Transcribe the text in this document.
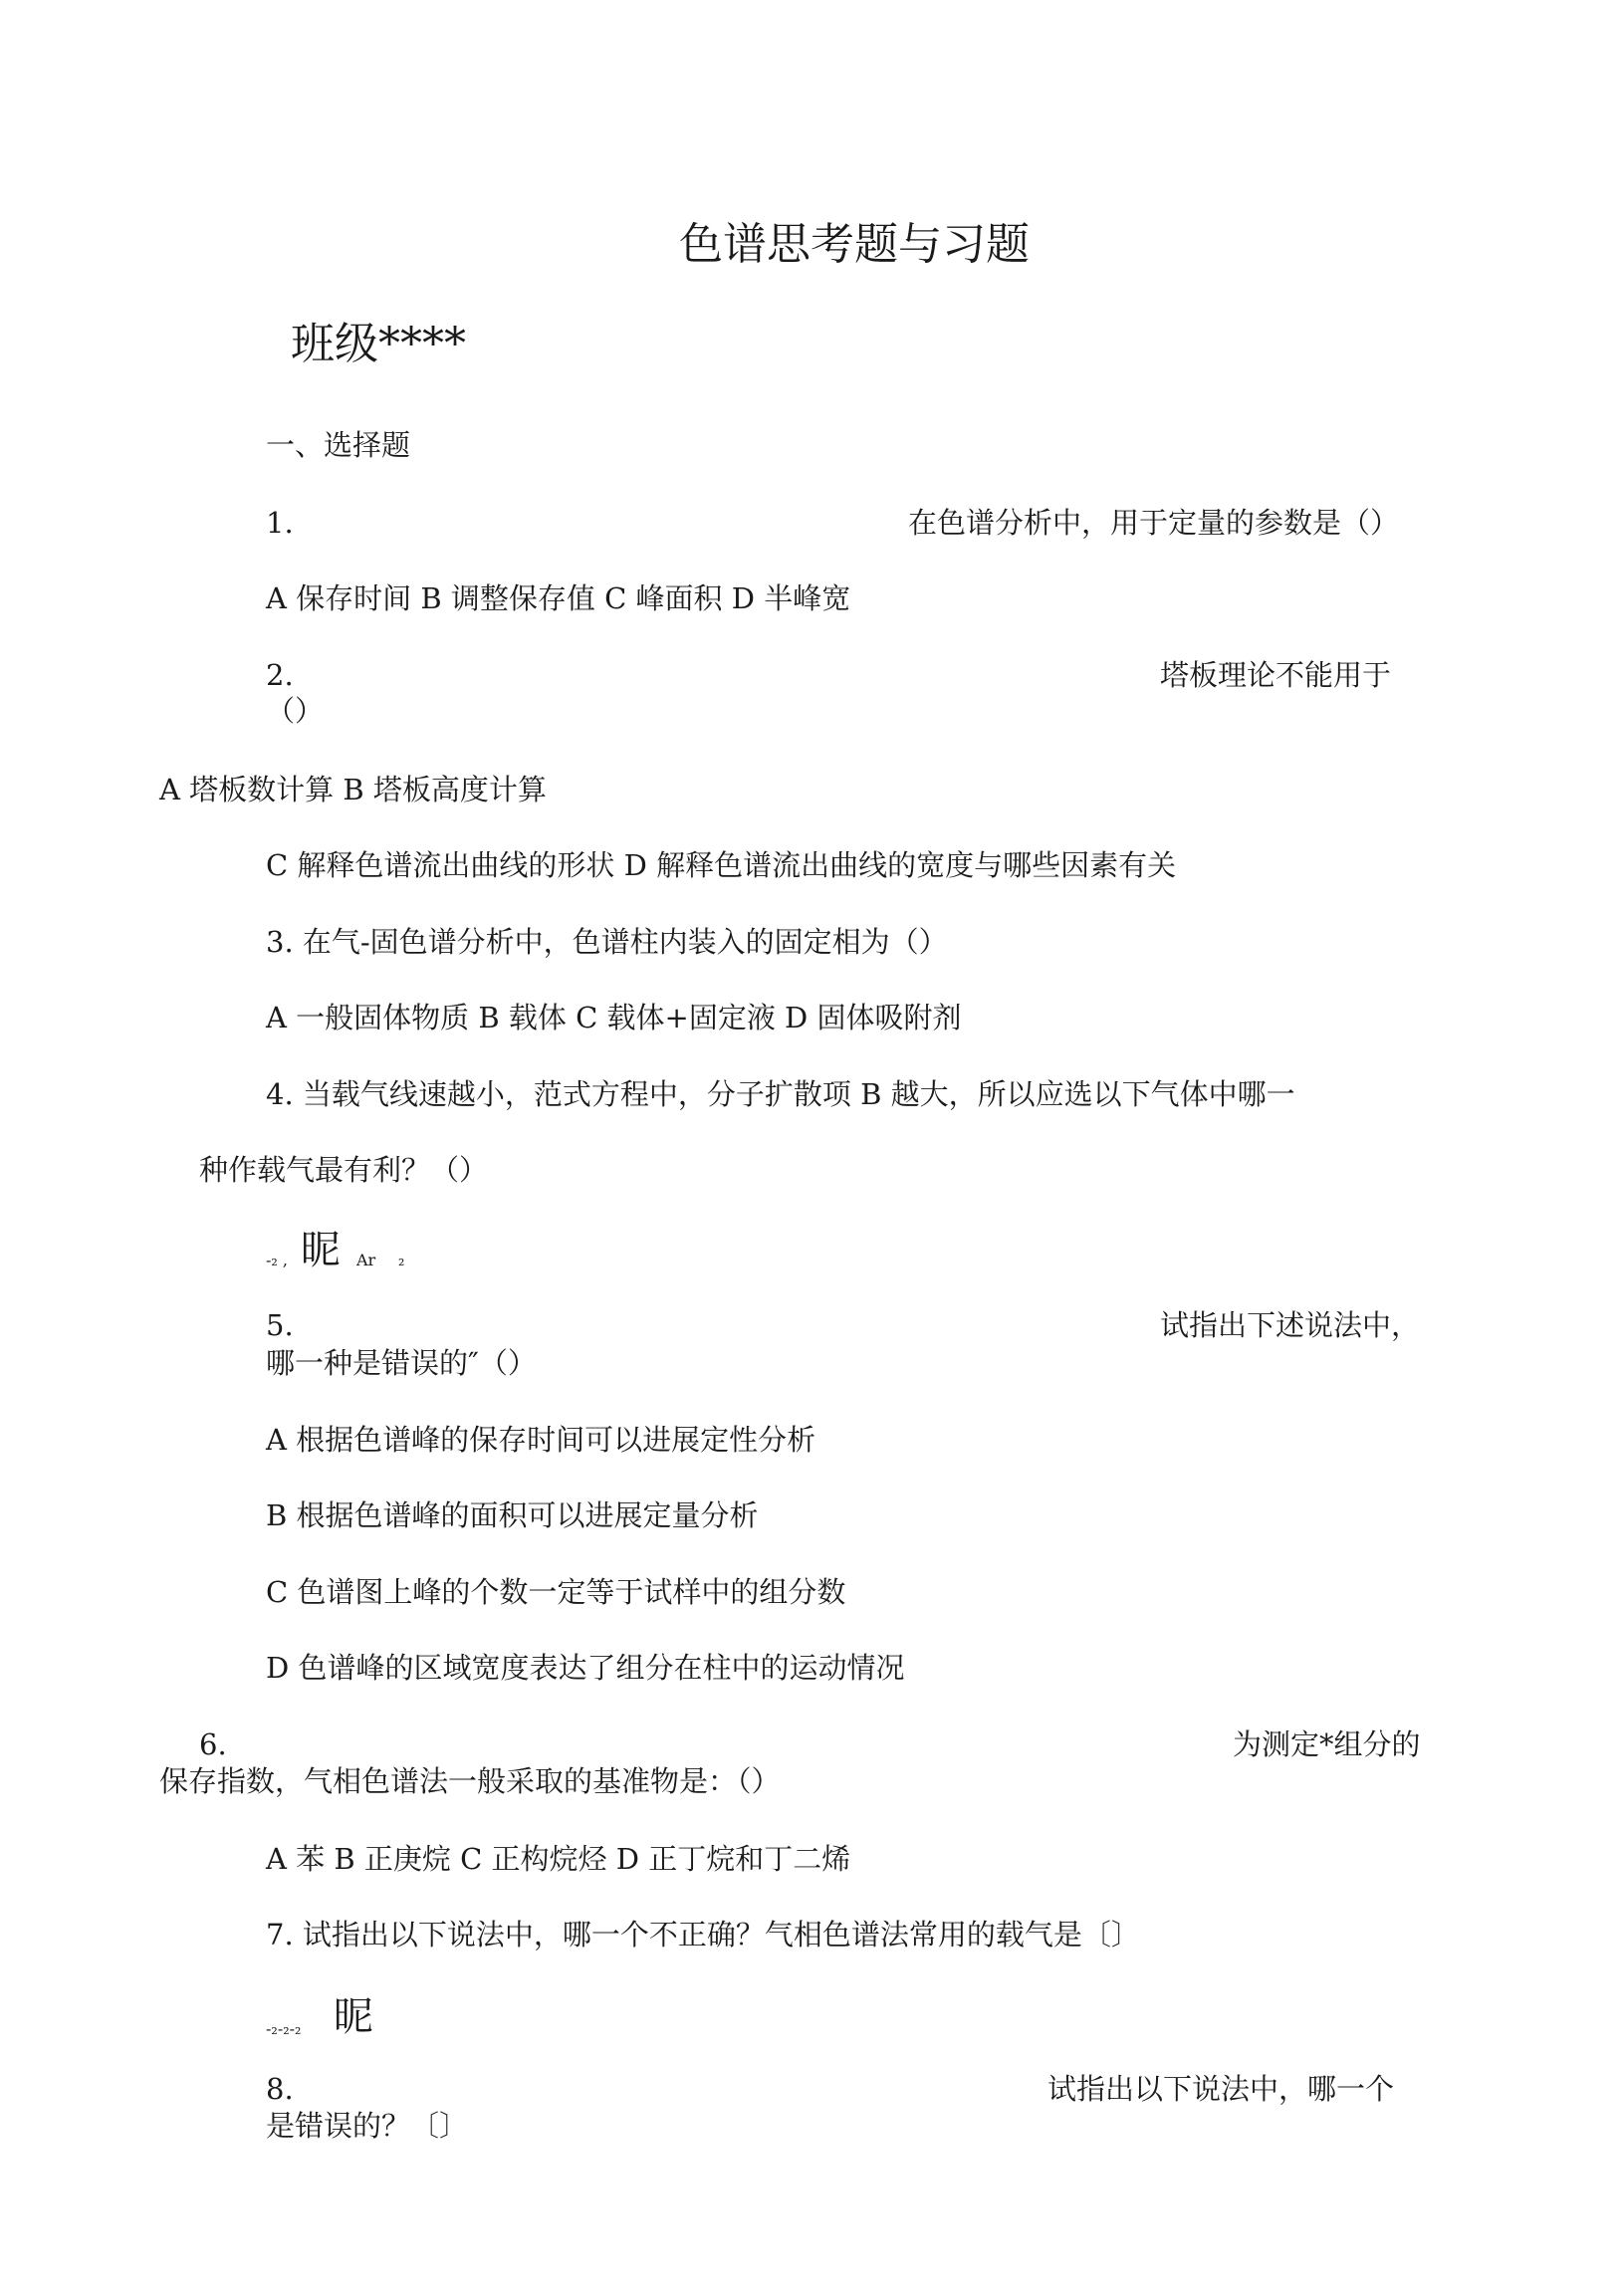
色谱思考题与习题
班级****
一、选择题
1.	在色谱分析中，用于定量的参数是（）
A 保存时间 B 调整保存值 C 峰面积 D 半峰宽
2.	塔板理论不能用于
（）
A 塔板数计算 B 塔板高度计算
C 解释色谱流出曲线的形状 D 解释色谱流出曲线的宽度与哪些因素有关
3. 在气-固色谱分析中，色谱柱内装入的固定相为（）
A 一般固体物质 B 载体 C 载体+固定液 D 固体吸附剂
4. 当载气线速越小，范式方程中，分子扩散项 B 越大，所以应选以下气体中哪一
种作载气最有利？（）
-₂ , 昵 Ar ₂
5.	试指出下述说法中，
哪一种是错误的″（）
A 根据色谱峰的保存时间可以进展定性分析
B 根据色谱峰的面积可以进展定量分析
C 色谱图上峰的个数一定等于试样中的组分数
D 色谱峰的区域宽度表达了组分在柱中的运动情况
6.	为测定*组分的
保存指数，气相色谱法一般采取的基准物是：（）
A 苯 B 正庚烷 C 正构烷烃 D 正丁烷和丁二烯
7. 试指出以下说法中，哪一个不正确？气相色谱法常用的载气是〔〕
-₂-₂-₂ 昵
8.	试指出以下说法中，哪一个
是错误的？〔〕
